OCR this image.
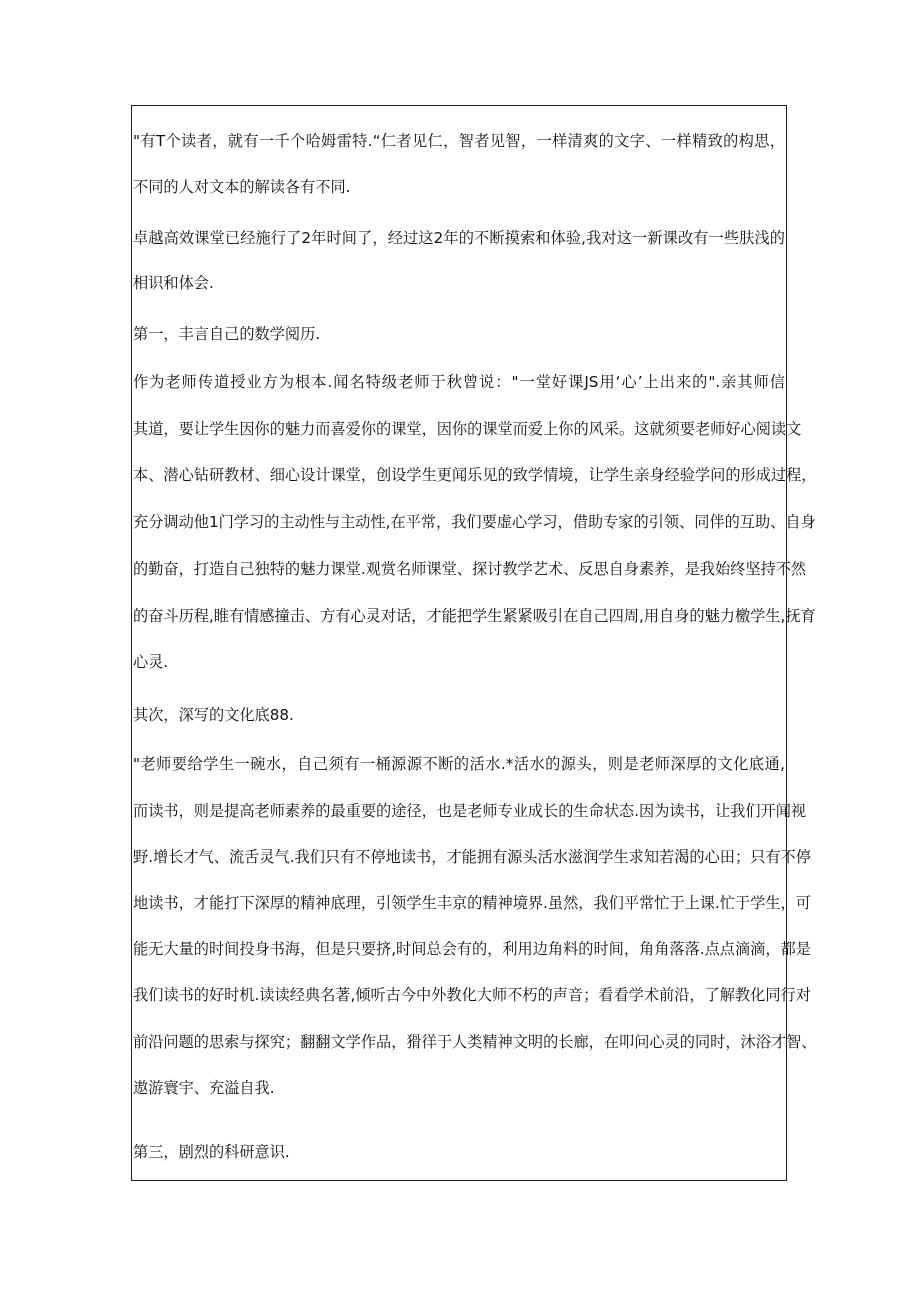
"有T个读者，就有一千个哈姆雷特.“仁者见仁，智者见智，一样清爽的文字、一样精致的构思，

不同的人对文本的解读各有不同.

卓越高效课堂已经施行了2年时间了，经过这2年的不断摸索和体验,我对这一新课改有一些肤浅的

相识和体会.

第一，丰言自己的数学阅历.

作为老师传道授业方为根本.闻名特级老师于秋曾说："一堂好课JS用‘心’上出来的".亲其师信

其道，要让学生因你的魅力而喜爱你的课堂，因你的课堂而爱上你的风采。这就须要老师好心阅读文

本、潜心钻研教材、细心设计课堂，创设学生更闻乐见的致学情境，让学生亲身经验学问的形成过程，

充分调动他1门学习的主动性与主动性,在平常，我们要虚心学习，借助专家的引领、同伴的互助、自身

的勤奋，打造自己独特的魅力课堂.观赏名师课堂、探讨教学艺术、反思自身素养，是我始终坚持不然

的奋斗历程,睢有情感撞击、方有心灵对话，才能把学生紧紧吸引在自己四周,用自身的魅力檄学生,抚育

心灵.

其次，深写的文化底88.

"老师要给学生一碗水，自己须有一桶源源不断的活水.*活水的源头，则是老师深厚的文化底通,

而读书，则是提高老师素养的最重要的途径，也是老师专业成长的生命状态.因为读书，让我们开闻视

野.增长才气、流舌灵气.我们只有不停地读书，才能拥有源头活水滋润学生求知若渴的心田；只有不停

地读书，才能打下深厚的精神底理，引领学生丰京的精神境界.虽然，我们平常忙于上课.忙于学生，可

能无大量的时间投身书海，但是只要挤,时间总会有的，利用边角料的时间，角角落落.点点滴滴，都是

我们读书的好时机.读读经典名著,倾听古今中外教化大师不朽的声音；看看学术前沿，了解教化同行对

前沿问题的思索与探究；翻翻文学作品，猾徉于人类精神文明的长廊，在叩问心灵的同时，沐浴才智、

遨游寰宇、充溢自我.

第三，剧烈的科研意识.
